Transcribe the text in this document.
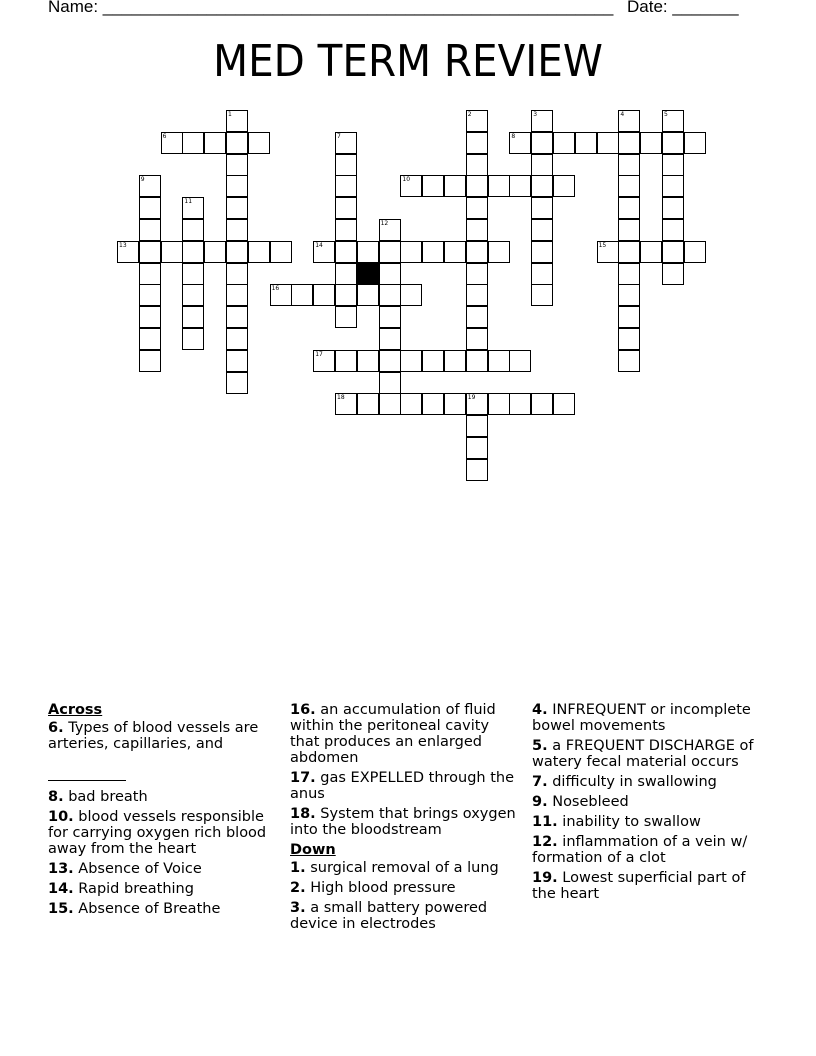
Name: ______________________________________________________ Date: _______
MED TERM REVIEW
6	8
10
13	14	15
16
17
18	19
1	2	3	4	5
7
9
11
12
Across
6. Types of blood vessels are arteries, capillaries, and

8. bad breath
10. blood vessels responsible for carrying oxygen rich blood away from the heart
13. Absence of Voice
14. Rapid breathing
15. Absence of Breathe
16. an accumulation of fluid within the peritoneal cavity that produces an enlarged abdomen
17. gas EXPELLED through the anus
18. System that brings oxygen into the bloodstream
Down
1. surgical removal of a lung
2. High blood pressure
3. a small battery powered device in electrodes
4. INFREQUENT or incomplete bowel movements
5. a FREQUENT DISCHARGE of watery fecal material occurs
7. difficulty in swallowing
9. Nosebleed
11. inability to swallow
12. inflammation of a vein w/ formation of a clot
19. Lowest superficial part of the heart
